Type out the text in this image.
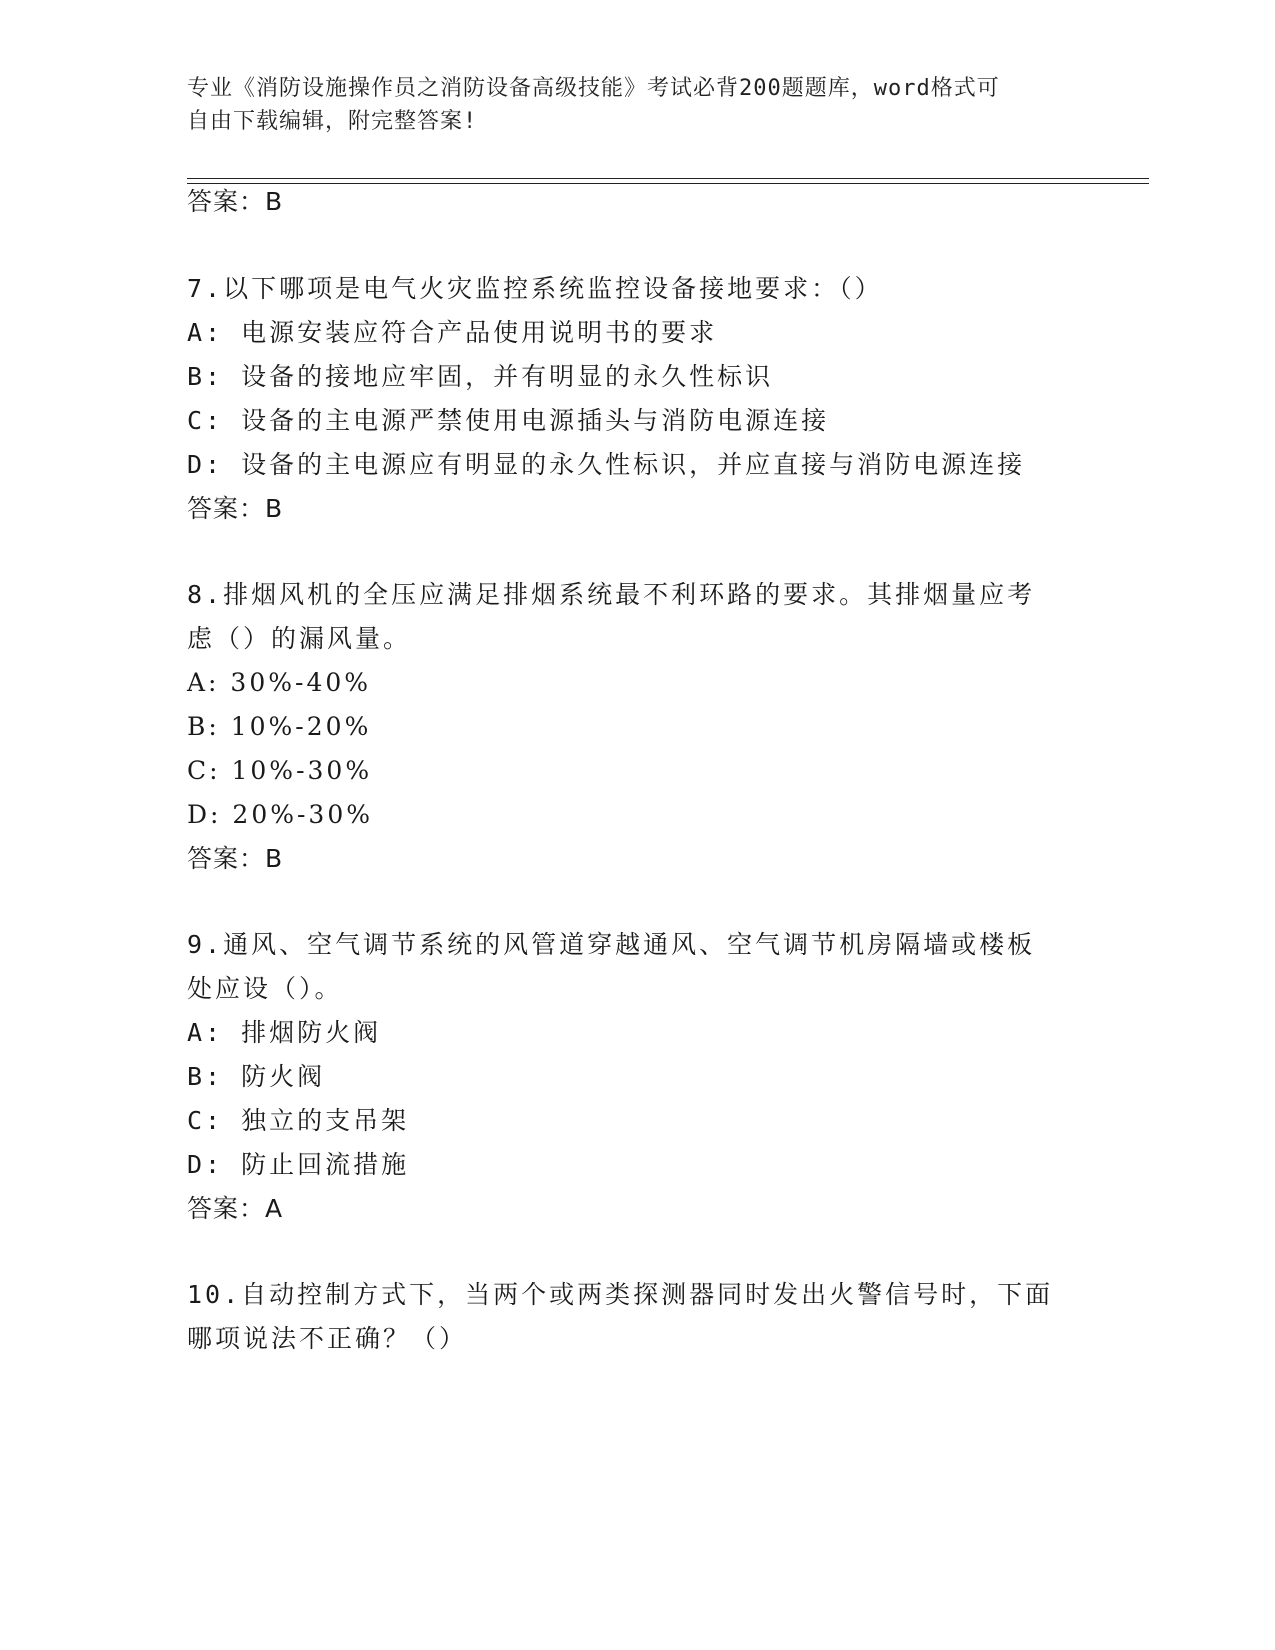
专业《消防设施操作员之消防设备高级技能》考试必背200题题库，word格式可
自由下载编辑，附完整答案!
答案：B
7.以下哪项是电气火灾监控系统监控设备接地要求：（）
A: 电源安装应符合产品使用说明书的要求
B: 设备的接地应牢固，并有明显的永久性标识
C: 设备的主电源严禁使用电源插头与消防电源连接
D: 设备的主电源应有明显的永久性标识，并应直接与消防电源连接
答案：B
8.排烟风机的全压应满足排烟系统最不利环路的要求。其排烟量应考
虑（）的漏风量。
A: 30%-40%
B: 10%-20%
C: 10%-30%
D: 20%-30%
答案：B
9.通风、空气调节系统的风管道穿越通风、空气调节机房隔墙或楼板
处应设（）。
A: 排烟防火阀
B: 防火阀
C: 独立的支吊架
D: 防止回流措施
答案：A
10.自动控制方式下，当两个或两类探测器同时发出火警信号时，下面
哪项说法不正确？（）
